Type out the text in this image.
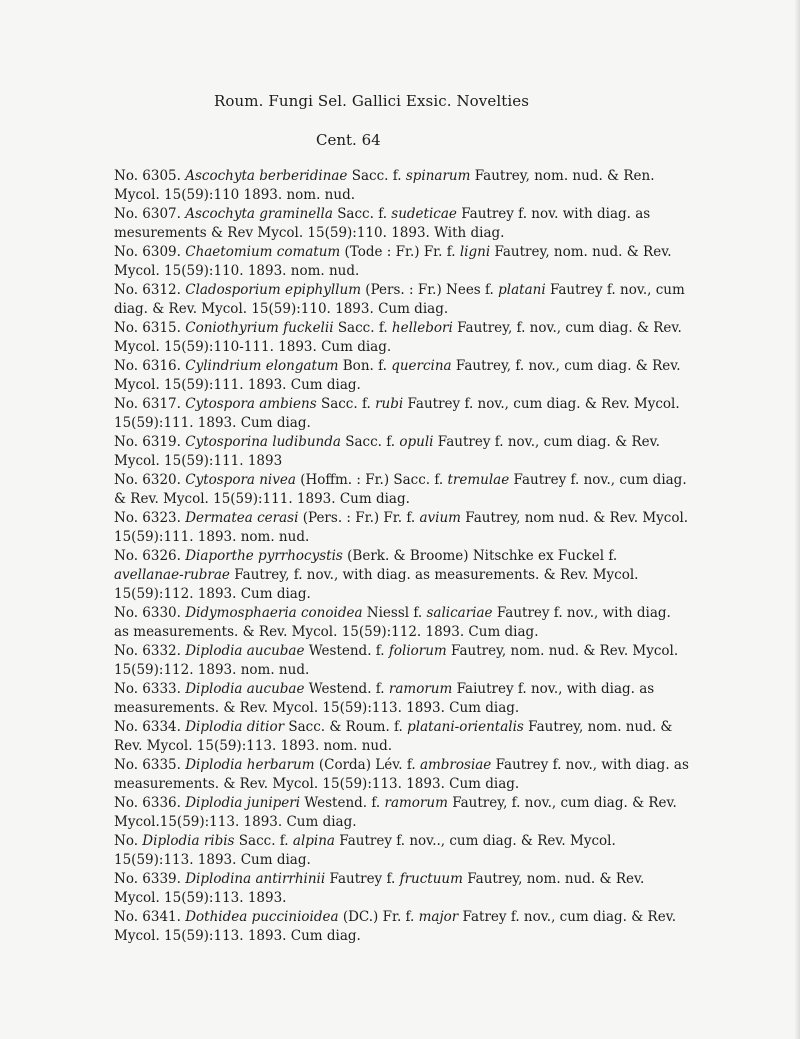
Roum. Fungi Sel. Gallici Exsic. Novelties
Cent. 64

No. 6305. Ascochyta berberidinae Sacc. f. spinarum Fautrey, nom. nud. & Ren. Mycol. 15(59):110 1893. nom. nud.

No. 6307. Ascochyta graminella Sacc. f. sudeticae Fautrey f. nov. with diag. as mesurements & Rev Mycol. 15(59):110. 1893. With diag.

No. 6309. Chaetomium comatum (Tode : Fr.) Fr. f. ligni Fautrey, nom. nud. & Rev. Mycol. 15(59):110. 1893. nom. nud.

No. 6312. Cladosporium epiphyllum (Pers. : Fr.) Nees f. platani Fautrey f. nov., cum diag. & Rev. Mycol. 15(59):110. 1893. Cum diag.

No. 6315. Coniothyrium fuckelii Sacc. f. hellebori Fautrey, f. nov., cum diag. & Rev. Mycol. 15(59):110-111. 1893. Cum diag.

No. 6316. Cylindrium elongatum Bon. f. quercina Fautrey, f. nov., cum diag. & Rev. Mycol. 15(59):111. 1893. Cum diag.

No. 6317. Cytospora ambiens Sacc. f. rubi Fautrey f. nov., cum diag. & Rev. Mycol. 15(59):111. 1893. Cum diag.

No. 6319. Cytosporina ludibunda Sacc. f. opuli Fautrey f. nov., cum diag. & Rev. Mycol. 15(59):111. 1893

No. 6320. Cytospora nivea (Hoffm. : Fr.) Sacc. f. tremulae Fautrey f. nov., cum diag. & Rev. Mycol. 15(59):111. 1893. Cum diag.

No. 6323. Dermatea cerasi (Pers. : Fr.) Fr. f. avium Fautrey, nom nud. & Rev. Mycol. 15(59):111. 1893. nom. nud.

No. 6326. Diaporthe pyrrhocystis (Berk. & Broome) Nitschke ex Fuckel f. avellanae-rubrae Fautrey, f. nov., with diag. as measurements. & Rev. Mycol. 15(59):112. 1893. Cum diag.

No. 6330. Didymosphaeria conoidea Niessl f. salicariae Fautrey f. nov., with diag. as measurements. & Rev. Mycol. 15(59):112. 1893. Cum diag.

No. 6332. Diplodia aucubae Westend. f. foliorum Fautrey, nom. nud. & Rev. Mycol. 15(59):112. 1893. nom. nud.

No. 6333. Diplodia aucubae Westend. f. ramorum Faiutrey f. nov., with diag. as measurements. & Rev. Mycol. 15(59):113. 1893. Cum diag.

No. 6334. Diplodia ditior Sacc. & Roum. f. platani-orientalis Fautrey, nom. nud. & Rev. Mycol. 15(59):113. 1893. nom. nud.

No. 6335. Diplodia herbarum (Corda) Lév. f. ambrosiae Fautrey f. nov., with diag. as measurements. & Rev. Mycol. 15(59):113. 1893. Cum diag.

No. 6336. Diplodia juniperi Westend. f. ramorum Fautrey, f. nov., cum diag. & Rev. Mycol.15(59):113. 1893. Cum diag.

No. Diplodia ribis Sacc. f. alpina Fautrey f. nov.., cum diag. & Rev. Mycol. 15(59):113. 1893. Cum diag.

No. 6339. Diplodina antirrhinii Fautrey f. fructuum Fautrey, nom. nud. & Rev. Mycol. 15(59):113. 1893.

No. 6341. Dothidea puccinioidea (DC.) Fr. f. major Fatrey f. nov., cum diag. & Rev. Mycol. 15(59):113. 1893. Cum diag.
